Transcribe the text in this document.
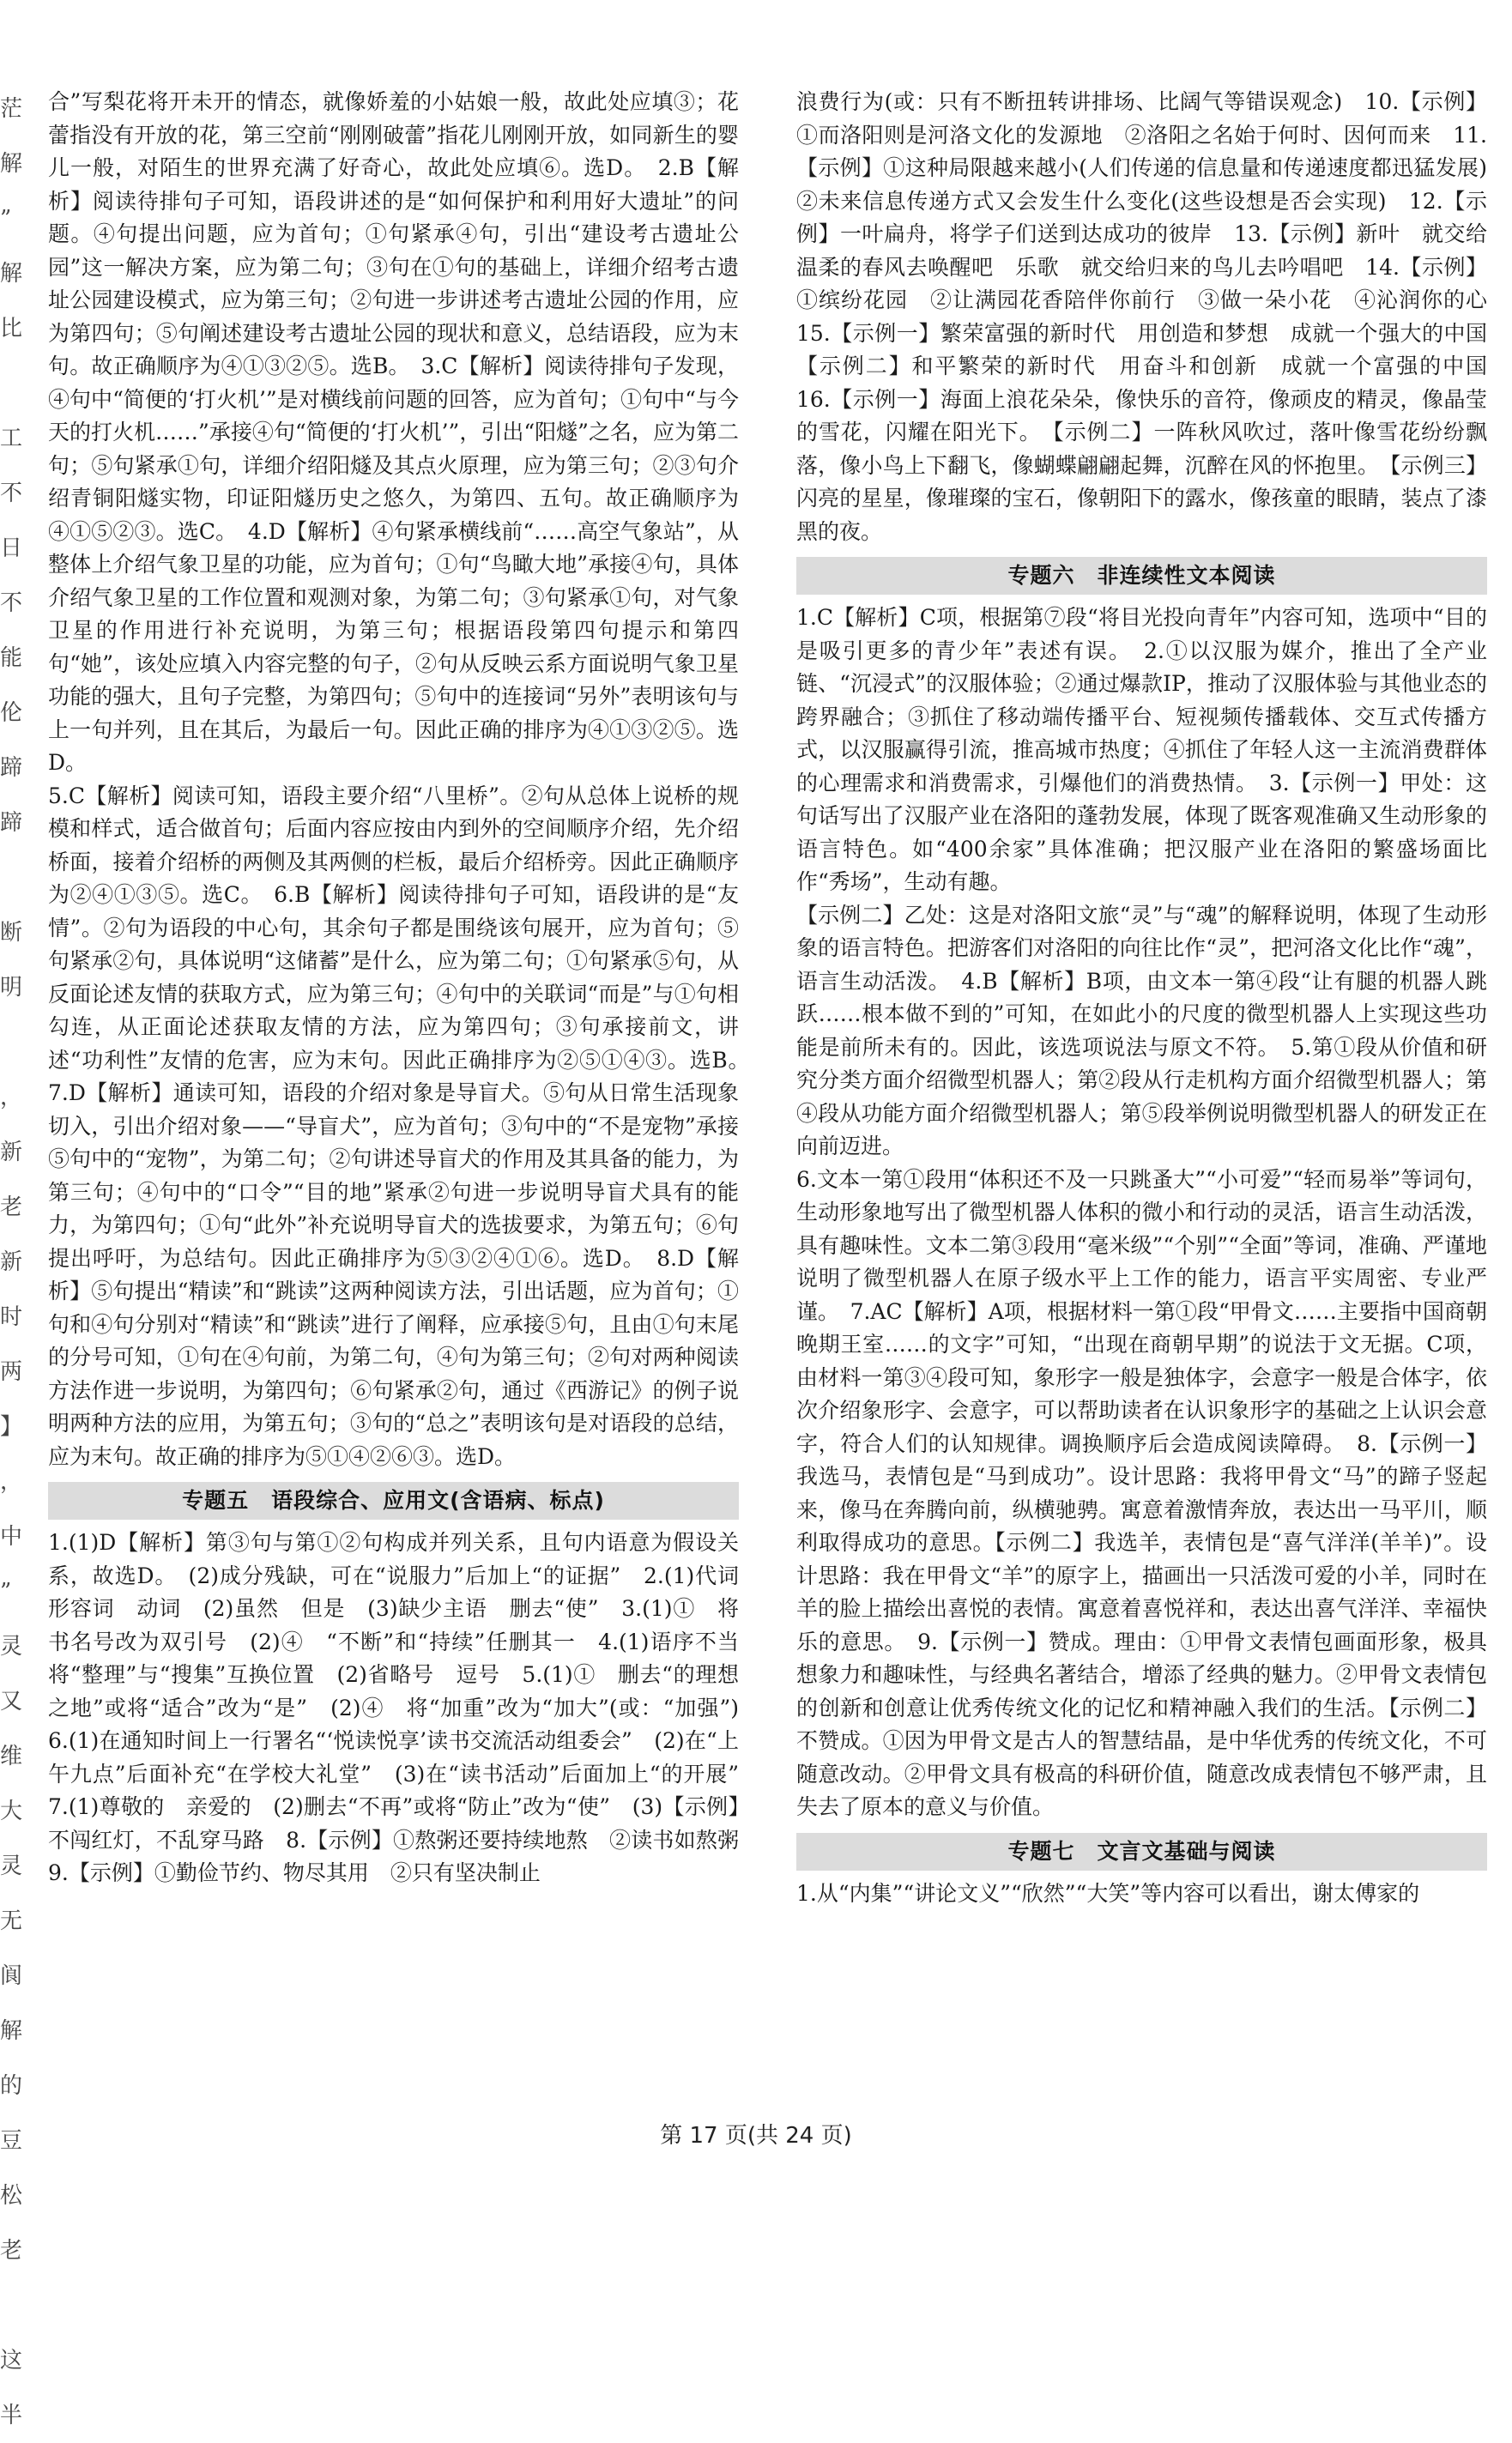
茫
解
”
解
比
工
不
日
不
能
伦
蹄
蹄
断
明
，
新
老
新
时
两
】
，
中
”
灵
又
维
大
灵
无
阆
解
的
豆
松
老
这
半

合”写梨花将开未开的情态，就像娇羞的小姑娘一般，故此处应填③；花蕾指没有开放的花，第三空前“刚刚破蕾”指花儿刚刚开放，如同新生的婴儿一般，对陌生的世界充满了好奇心，故此处应填⑥。选D。　2.B【解析】阅读待排句子可知，语段讲述的是“如何保护和利用好大遗址”的问题。④句提出问题，应为首句；①句紧承④句，引出“建设考古遗址公园”这一解决方案，应为第二句；③句在①句的基础上，详细介绍考古遗址公园建设模式，应为第三句；②句进一步讲述考古遗址公园的作用，应为第四句；⑤句阐述建设考古遗址公园的现状和意义，总结语段，应为末句。故正确顺序为④①③②⑤。选B。　3.C【解析】阅读待排句子发现，④句中“简便的‘打火机’”是对横线前问题的回答，应为首句；①句中“与今天的打火机……”承接④句“简便的‘打火机’”，引出“阳燧”之名，应为第二句；⑤句紧承①句，详细介绍阳燧及其点火原理，应为第三句；②③句介绍青铜阳燧实物，印证阳燧历史之悠久，为第四、五句。故正确顺序为④①⑤②③。选C。　4.D【解析】④句紧承横线前“……高空气象站”，从整体上介绍气象卫星的功能，应为首句；①句“鸟瞰大地”承接④句，具体介绍气象卫星的工作位置和观测对象，为第二句；③句紧承①句，对气象卫星的作用进行补充说明，为第三句；根据语段第四句提示和第四句“她”，该处应填入内容完整的句子，②句从反映云系方面说明气象卫星功能的强大，且句子完整，为第四句；⑤句中的连接词“另外”表明该句与上一句并列，且在其后，为最后一句。因此正确的排序为④①③②⑤。选D。

5.C【解析】阅读可知，语段主要介绍“八里桥”。②句从总体上说桥的规模和样式，适合做首句；后面内容应按由内到外的空间顺序介绍，先介绍桥面，接着介绍桥的两侧及其两侧的栏板，最后介绍桥旁。因此正确顺序为②④①③⑤。选C。　6.B【解析】阅读待排句子可知，语段讲的是“友情”。②句为语段的中心句，其余句子都是围绕该句展开，应为首句；⑤句紧承②句，具体说明“这储蓄”是什么，应为第二句；①句紧承⑤句，从反面论述友情的获取方式，应为第三句；④句中的关联词“而是”与①句相勾连，从正面论述获取友情的方法，应为第四句；③句承接前文，讲述“功利性”友情的危害，应为末句。因此正确排序为②⑤①④③。选B。　7.D【解析】通读可知，语段的介绍对象是导盲犬。⑤句从日常生活现象切入，引出介绍对象——“导盲犬”，应为首句；③句中的“不是宠物”承接⑤句中的“宠物”，为第二句；②句讲述导盲犬的作用及其具备的能力，为第三句；④句中的“口令”“目的地”紧承②句进一步说明导盲犬具有的能力，为第四句；①句“此外”补充说明导盲犬的选拔要求，为第五句；⑥句提出呼吁，为总结句。因此正确排序为⑤③②④①⑥。选D。　8.D【解析】⑤句提出“精读”和“跳读”这两种阅读方法，引出话题，应为首句；①句和④句分别对“精读”和“跳读”进行了阐释，应承接⑤句，且由①句末尾的分号可知，①句在④句前，为第二句，④句为第三句；②句对两种阅读方法作进一步说明，为第四句；⑥句紧承②句，通过《西游记》的例子说明两种方法的应用，为第五句；③句的“总之”表明该句是对语段的总结，应为末句。故正确的排序为⑤①④②⑥③。选D。

专题五　语段综合、应用文(含语病、标点)

1.(1)D【解析】第③句与第①②句构成并列关系，且句内语意为假设关系，故选D。　(2)成分残缺，可在“说服力”后加上“的证据”　2.(1)代词　形容词　动词　(2)虽然　但是　(3)缺少主语　删去“使”　3.(1)①　将书名号改为双引号　(2)④　“不断”和“持续”任删其一　4.(1)语序不当　将“整理”与“搜集”互换位置　(2)省略号　逗号　5.(1)①　删去“的理想之地”或将“适合”改为“是”　(2)④　将“加重”改为“加大”(或：“加强”)　6.(1)在通知时间上一行署名“‘悦读悦享’读书交流活动组委会”　(2)在“上午九点”后面补充“在学校大礼堂”　(3)在“读书活动”后面加上“的开展”　7.(1)尊敬的　亲爱的　(2)删去“不再”或将“防止”改为“使”　(3)【示例】不闯红灯，不乱穿马路　8.【示例】①熬粥还要持续地熬　②读书如熬粥　9.【示例】①勤俭节约、物尽其用　②只有坚决制止

浪费行为(或：只有不断扭转讲排场、比阔气等错误观念)　10.【示例】①而洛阳则是河洛文化的发源地　②洛阳之名始于何时、因何而来　11.【示例】①这种局限越来越小(人们传递的信息量和传递速度都迅猛发展)　②未来信息传递方式又会发生什么变化(这些设想是否会实现)　12.【示例】一叶扁舟，将学子们送到达成功的彼岸　13.【示例】新叶　就交给温柔的春风去唤醒吧　乐歌　就交给归来的鸟儿去吟唱吧　14.【示例】①缤纷花园　②让满园花香陪伴你前行　③做一朵小花　④沁润你的心　15.【示例一】繁荣富强的新时代　用创造和梦想　成就一个强大的中国　【示例二】和平繁荣的新时代　用奋斗和创新　成就一个富强的中国　16.【示例一】海面上浪花朵朵，像快乐的音符，像顽皮的精灵，像晶莹的雪花，闪耀在阳光下。　【示例二】一阵秋风吹过，落叶像雪花纷纷飘落，像小鸟上下翻飞，像蝴蝶翩翩起舞，沉醉在风的怀抱里。　【示例三】闪亮的星星，像璀璨的宝石，像朝阳下的露水，像孩童的眼睛，装点了漆黑的夜。

专题六　非连续性文本阅读

1.C【解析】C项，根据第⑦段“将目光投向青年”内容可知，选项中“目的是吸引更多的青少年”表述有误。　2.①以汉服为媒介，推出了全产业链、“沉浸式”的汉服体验；②通过爆款IP，推动了汉服体验与其他业态的跨界融合；③抓住了移动端传播平台、短视频传播载体、交互式传播方式，以汉服赢得引流，推高城市热度；④抓住了年轻人这一主流消费群体的心理需求和消费需求，引爆他们的消费热情。　3.【示例一】甲处：这句话写出了汉服产业在洛阳的蓬勃发展，体现了既客观准确又生动形象的语言特色。如“400余家”具体准确；把汉服产业在洛阳的繁盛场面比作“秀场”，生动有趣。

【示例二】乙处：这是对洛阳文旅“灵”与“魂”的解释说明，体现了生动形象的语言特色。把游客们对洛阳的向往比作“灵”，把河洛文化比作“魂”，语言生动活泼。　4.B【解析】B项，由文本一第④段“让有腿的机器人跳跃……根本做不到的”可知，在如此小的尺度的微型机器人上实现这些功能是前所未有的。因此，该选项说法与原文不符。　5.第①段从价值和研究分类方面介绍微型机器人；第②段从行走机构方面介绍微型机器人；第④段从功能方面介绍微型机器人；第⑤段举例说明微型机器人的研发正在向前迈进。

6.文本一第①段用“体积还不及一只跳蚤大”“小可爱”“轻而易举”等词句，生动形象地写出了微型机器人体积的微小和行动的灵活，语言生动活泼，具有趣味性。文本二第③段用“毫米级”“个别”“全面”等词，准确、严谨地说明了微型机器人在原子级水平上工作的能力，语言平实周密、专业严谨。　7.AC【解析】A项，根据材料一第①段“甲骨文……主要指中国商朝晚期王室……的文字”可知，“出现在商朝早期”的说法于文无据。C项，由材料一第③④段可知，象形字一般是独体字，会意字一般是合体字，依次介绍象形字、会意字，可以帮助读者在认识象形字的基础之上认识会意字，符合人们的认知规律。调换顺序后会造成阅读障碍。　8.【示例一】我选马，表情包是“马到成功”。设计思路：我将甲骨文“马”的蹄子竖起来，像马在奔腾向前，纵横驰骋。寓意着激情奔放，表达出一马平川，顺利取得成功的意思。【示例二】我选羊，表情包是“喜气洋洋(羊羊)”。设计思路：我在甲骨文“羊”的原字上，描画出一只活泼可爱的小羊，同时在羊的脸上描绘出喜悦的表情。寓意着喜悦祥和，表达出喜气洋洋、幸福快乐的意思。　9.【示例一】赞成。理由：①甲骨文表情包画面形象，极具想象力和趣味性，与经典名著结合，增添了经典的魅力。②甲骨文表情包的创新和创意让优秀传统文化的记忆和精神融入我们的生活。【示例二】不赞成。①因为甲骨文是古人的智慧结晶，是中华优秀的传统文化，不可随意改动。②甲骨文具有极高的科研价值，随意改成表情包不够严肃，且失去了原本的意义与价值。

专题七　文言文基础与阅读

1.从“内集”“讲论文义”“欣然”“大笑”等内容可以看出，谢太傅家的

第 17 页(共 24 页)
